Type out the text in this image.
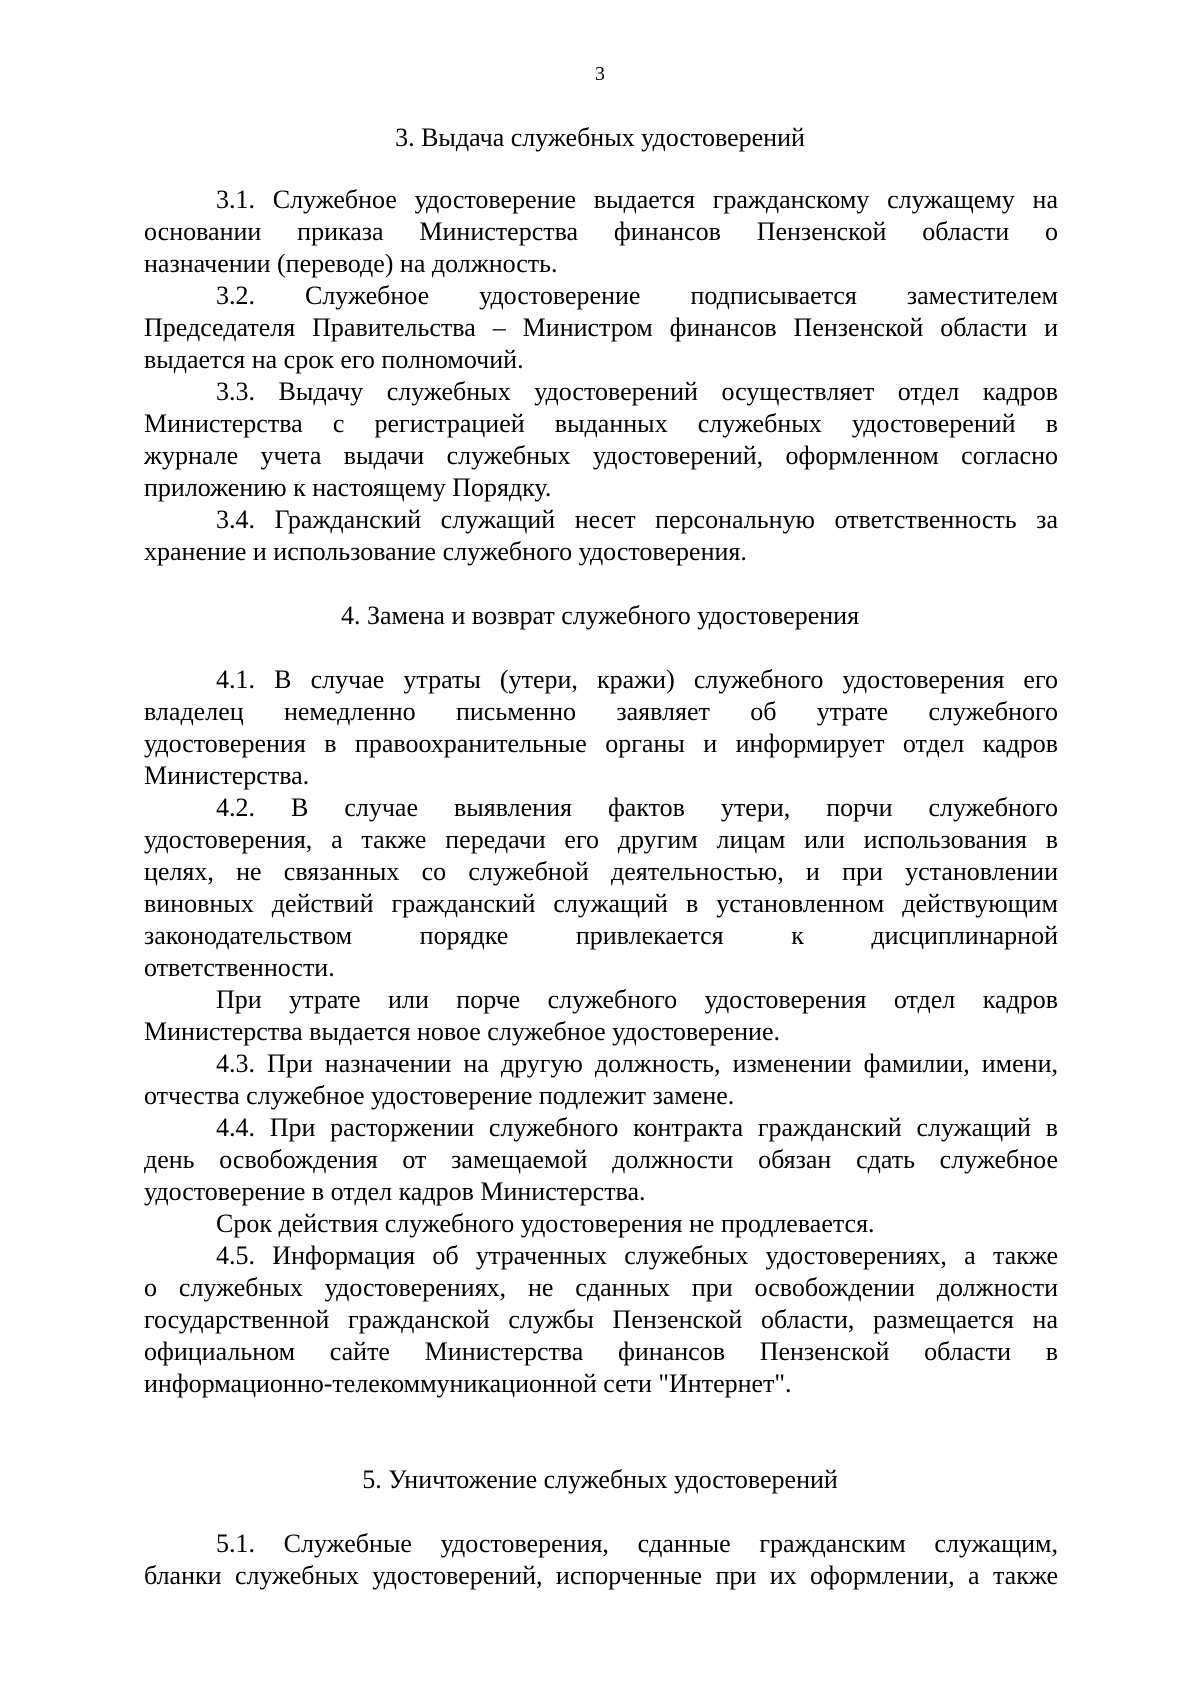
3
3. Выдача служебных удостоверений
3.1. Служебное удостоверение выдается гражданскому служащему на
основании приказа Министерства финансов Пензенской области о
назначении (переводе) на должность.
3.2. Служебное удостоверение подписывается заместителем
Председателя Правительства – Министром финансов Пензенской области и
выдается на срок его полномочий.
3.3. Выдачу служебных удостоверений осуществляет отдел кадров
Министерства с регистрацией выданных служебных удостоверений в
журнале учета выдачи служебных удостоверений, оформленном согласно
приложению к настоящему Порядку.
3.4. Гражданский служащий несет персональную ответственность за
хранение и использование служебного удостоверения.
4. Замена и возврат служебного удостоверения
4.1. В случае утраты (утери, кражи) служебного удостоверения его
владелец немедленно письменно заявляет об утрате служебного
удостоверения в правоохранительные органы и информирует отдел кадров
Министерства.
4.2. В случае выявления фактов утери, порчи служебного
удостоверения, а также передачи его другим лицам или использования в
целях, не связанных со служебной деятельностью, и при установлении
виновных действий гражданский служащий в установленном действующим
законодательством порядке привлекается к дисциплинарной
ответственности.
При утрате или порче служебного удостоверения отдел кадров
Министерства выдается новое служебное удостоверение.
4.3. При назначении на другую должность, изменении фамилии, имени,
отчества служебное удостоверение подлежит замене.
4.4. При расторжении служебного контракта гражданский служащий в
день освобождения от замещаемой должности обязан сдать служебное
удостоверение в отдел кадров Министерства.
Срок действия служебного удостоверения не продлевается.
4.5. Информация об утраченных служебных удостоверениях, а также
о служебных удостоверениях, не сданных при освобождении должности
государственной гражданской службы Пензенской области, размещается на
официальном сайте Министерства финансов Пензенской области в
информационно-телекоммуникационной сети "Интернет".
5. Уничтожение служебных удостоверений
5.1. Служебные удостоверения, сданные гражданским служащим,
бланки служебных удостоверений, испорченные при их оформлении, а также
